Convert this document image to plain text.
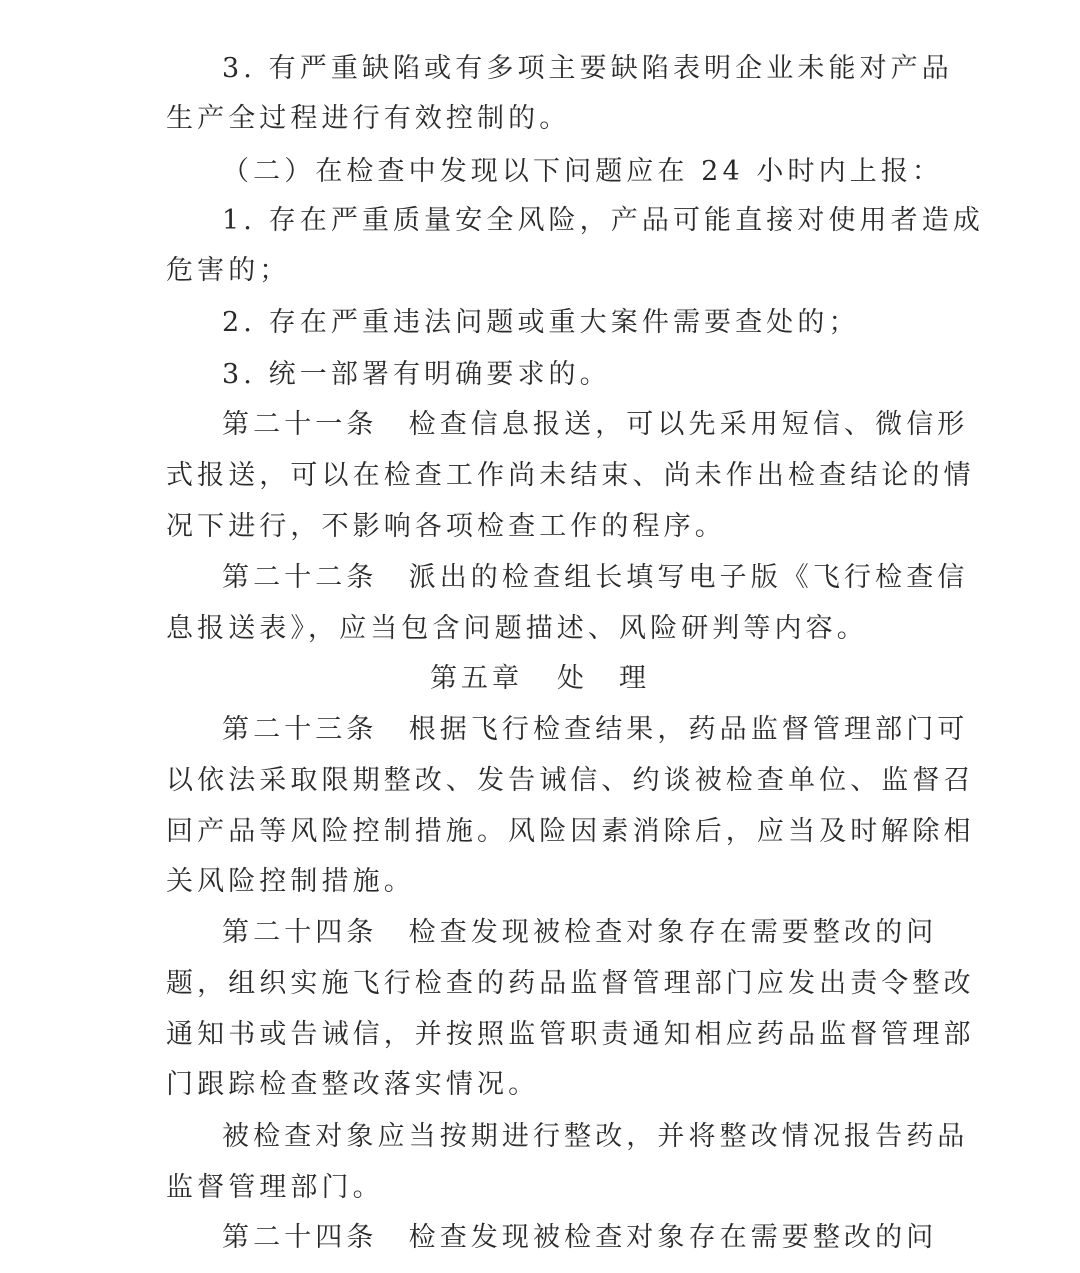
3. 有严重缺陷或有多项主要缺陷表明企业未能对产品
生产全过程进行有效控制的。
（二）在检查中发现以下问题应在 24 小时内上报：
1. 存在严重质量安全风险，产品可能直接对使用者造成
危害的；
2. 存在严重违法问题或重大案件需要查处的；
3. 统一部署有明确要求的。
第二十一条　检查信息报送，可以先采用短信、微信形
式报送，可以在检查工作尚未结束、尚未作出检查结论的情
况下进行，不影响各项检查工作的程序。
第二十二条　派出的检查组长填写电子版《飞行检查信
息报送表》，应当包含问题描述、风险研判等内容。
第五章 处　理
第二十三条　根据飞行检查结果，药品监督管理部门可
以依法采取限期整改、发告诫信、约谈被检查单位、监督召
回产品等风险控制措施。风险因素消除后，应当及时解除相
关风险控制措施。
第二十四条　检查发现被检查对象存在需要整改的问
题，组织实施飞行检查的药品监督管理部门应发出责令整改
通知书或告诫信，并按照监管职责通知相应药品监督管理部
门跟踪检查整改落实情况。
被检查对象应当按期进行整改，并将整改情况报告药品
监督管理部门。
第二十四条　检查发现被检查对象存在需要整改的问
